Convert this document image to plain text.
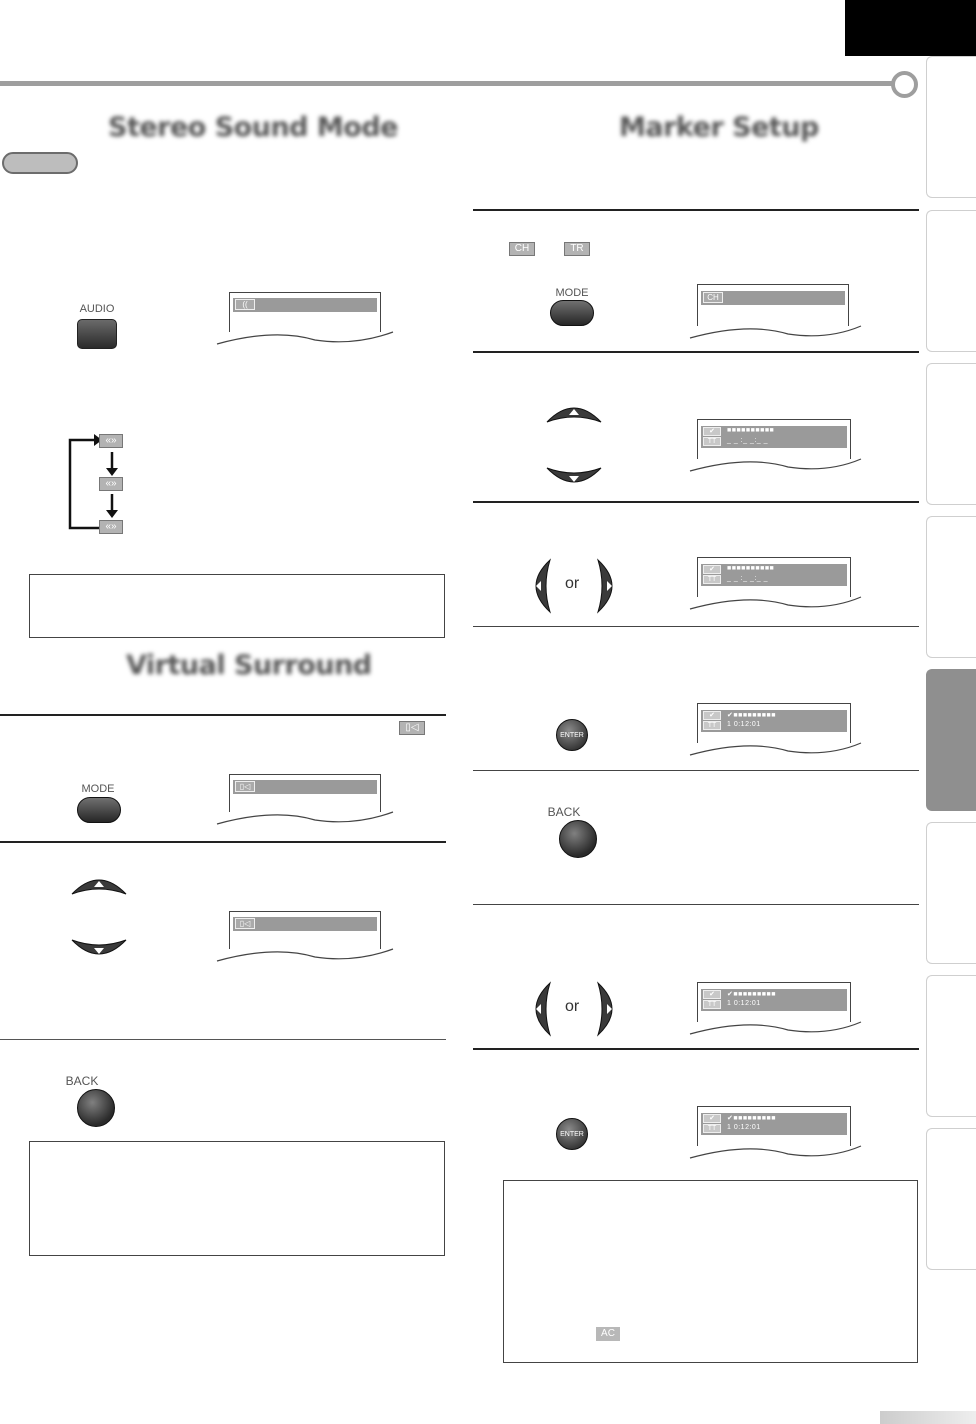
Stereo Sound Mode
AUDIO	((
«»
«»
«»
Virtual Surround
▯◁
MODE	▯◁
▯◁
BACK
Marker Setup
CH	TR
MODE	CH
✔
TT
■■■■■■■■■■
_ _ :_ _:_ _
or
✔
TT
■■■■■■■■■■
_ _ :_ _:_ _
ENTER
✔
TT
✔■■■■■■■■■
1 0:12:01
BACK
or
✔
TT
✔■■■■■■■■■
1 0:12:01
ENTER
✔
TT
✔■■■■■■■■■
1 0:12:01
AC
